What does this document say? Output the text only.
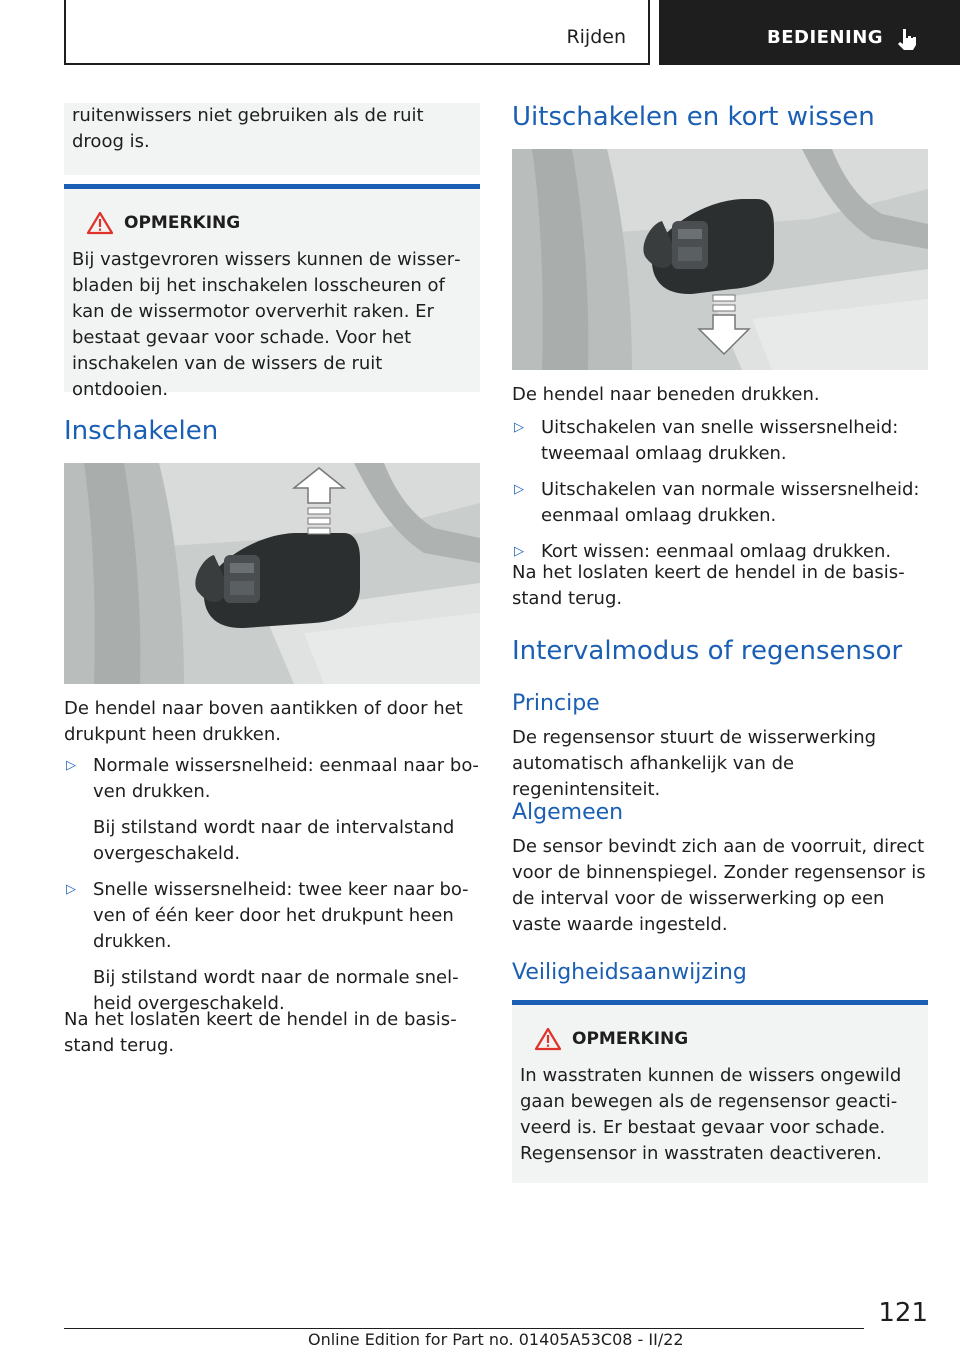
Rijden	BEDIENING

ruitenwissers niet gebruiken als de ruit droog is.

OPMERKING

Bij vastgevroren wissers kunnen de wisserbladen bij het inschakelen losscheuren of kan de wissermotor oververhit raken. Er bestaat gevaar voor schade. Voor het inschakelen van de wissers de ruit ontdooien.

Inschakelen

De hendel naar boven aantikken of door het drukpunt heen drukken.

▷ Normale wissersnelheid: eenmaal naar boven drukken.
Bij stilstand wordt naar de intervalstand overgeschakeld.
▷ Snelle wissersnelheid: twee keer naar boven of één keer door het drukpunt heen drukken.
Bij stilstand wordt naar de normale snelheid overgeschakeld.

Na het loslaten keert de hendel in de basisstand terug.

Uitschakelen en kort wissen

De hendel naar beneden drukken.

▷ Uitschakelen van snelle wissersnelheid: tweemaal omlaag drukken.
▷ Uitschakelen van normale wissersnelheid: eenmaal omlaag drukken.
▷ Kort wissen: eenmaal omlaag drukken.

Na het loslaten keert de hendel in de basisstand terug.

Intervalmodus of regensensor
Principe

De regensensor stuurt de wisserwerking automatisch afhankelijk van de regenintensiteit.

Algemeen

De sensor bevindt zich aan de voorruit, direct voor de binnenspiegel. Zonder regensensor is de interval voor de wisserwerking op een vaste waarde ingesteld.

Veiligheidsaanwijzing
OPMERKING

In wasstraten kunnen de wissers ongewild gaan bewegen als de regensensor geactiveerd is. Er bestaat gevaar voor schade. Regensensor in wasstraten deactiveren.

121
Online Edition for Part no. 01405A53C08 - II/22
